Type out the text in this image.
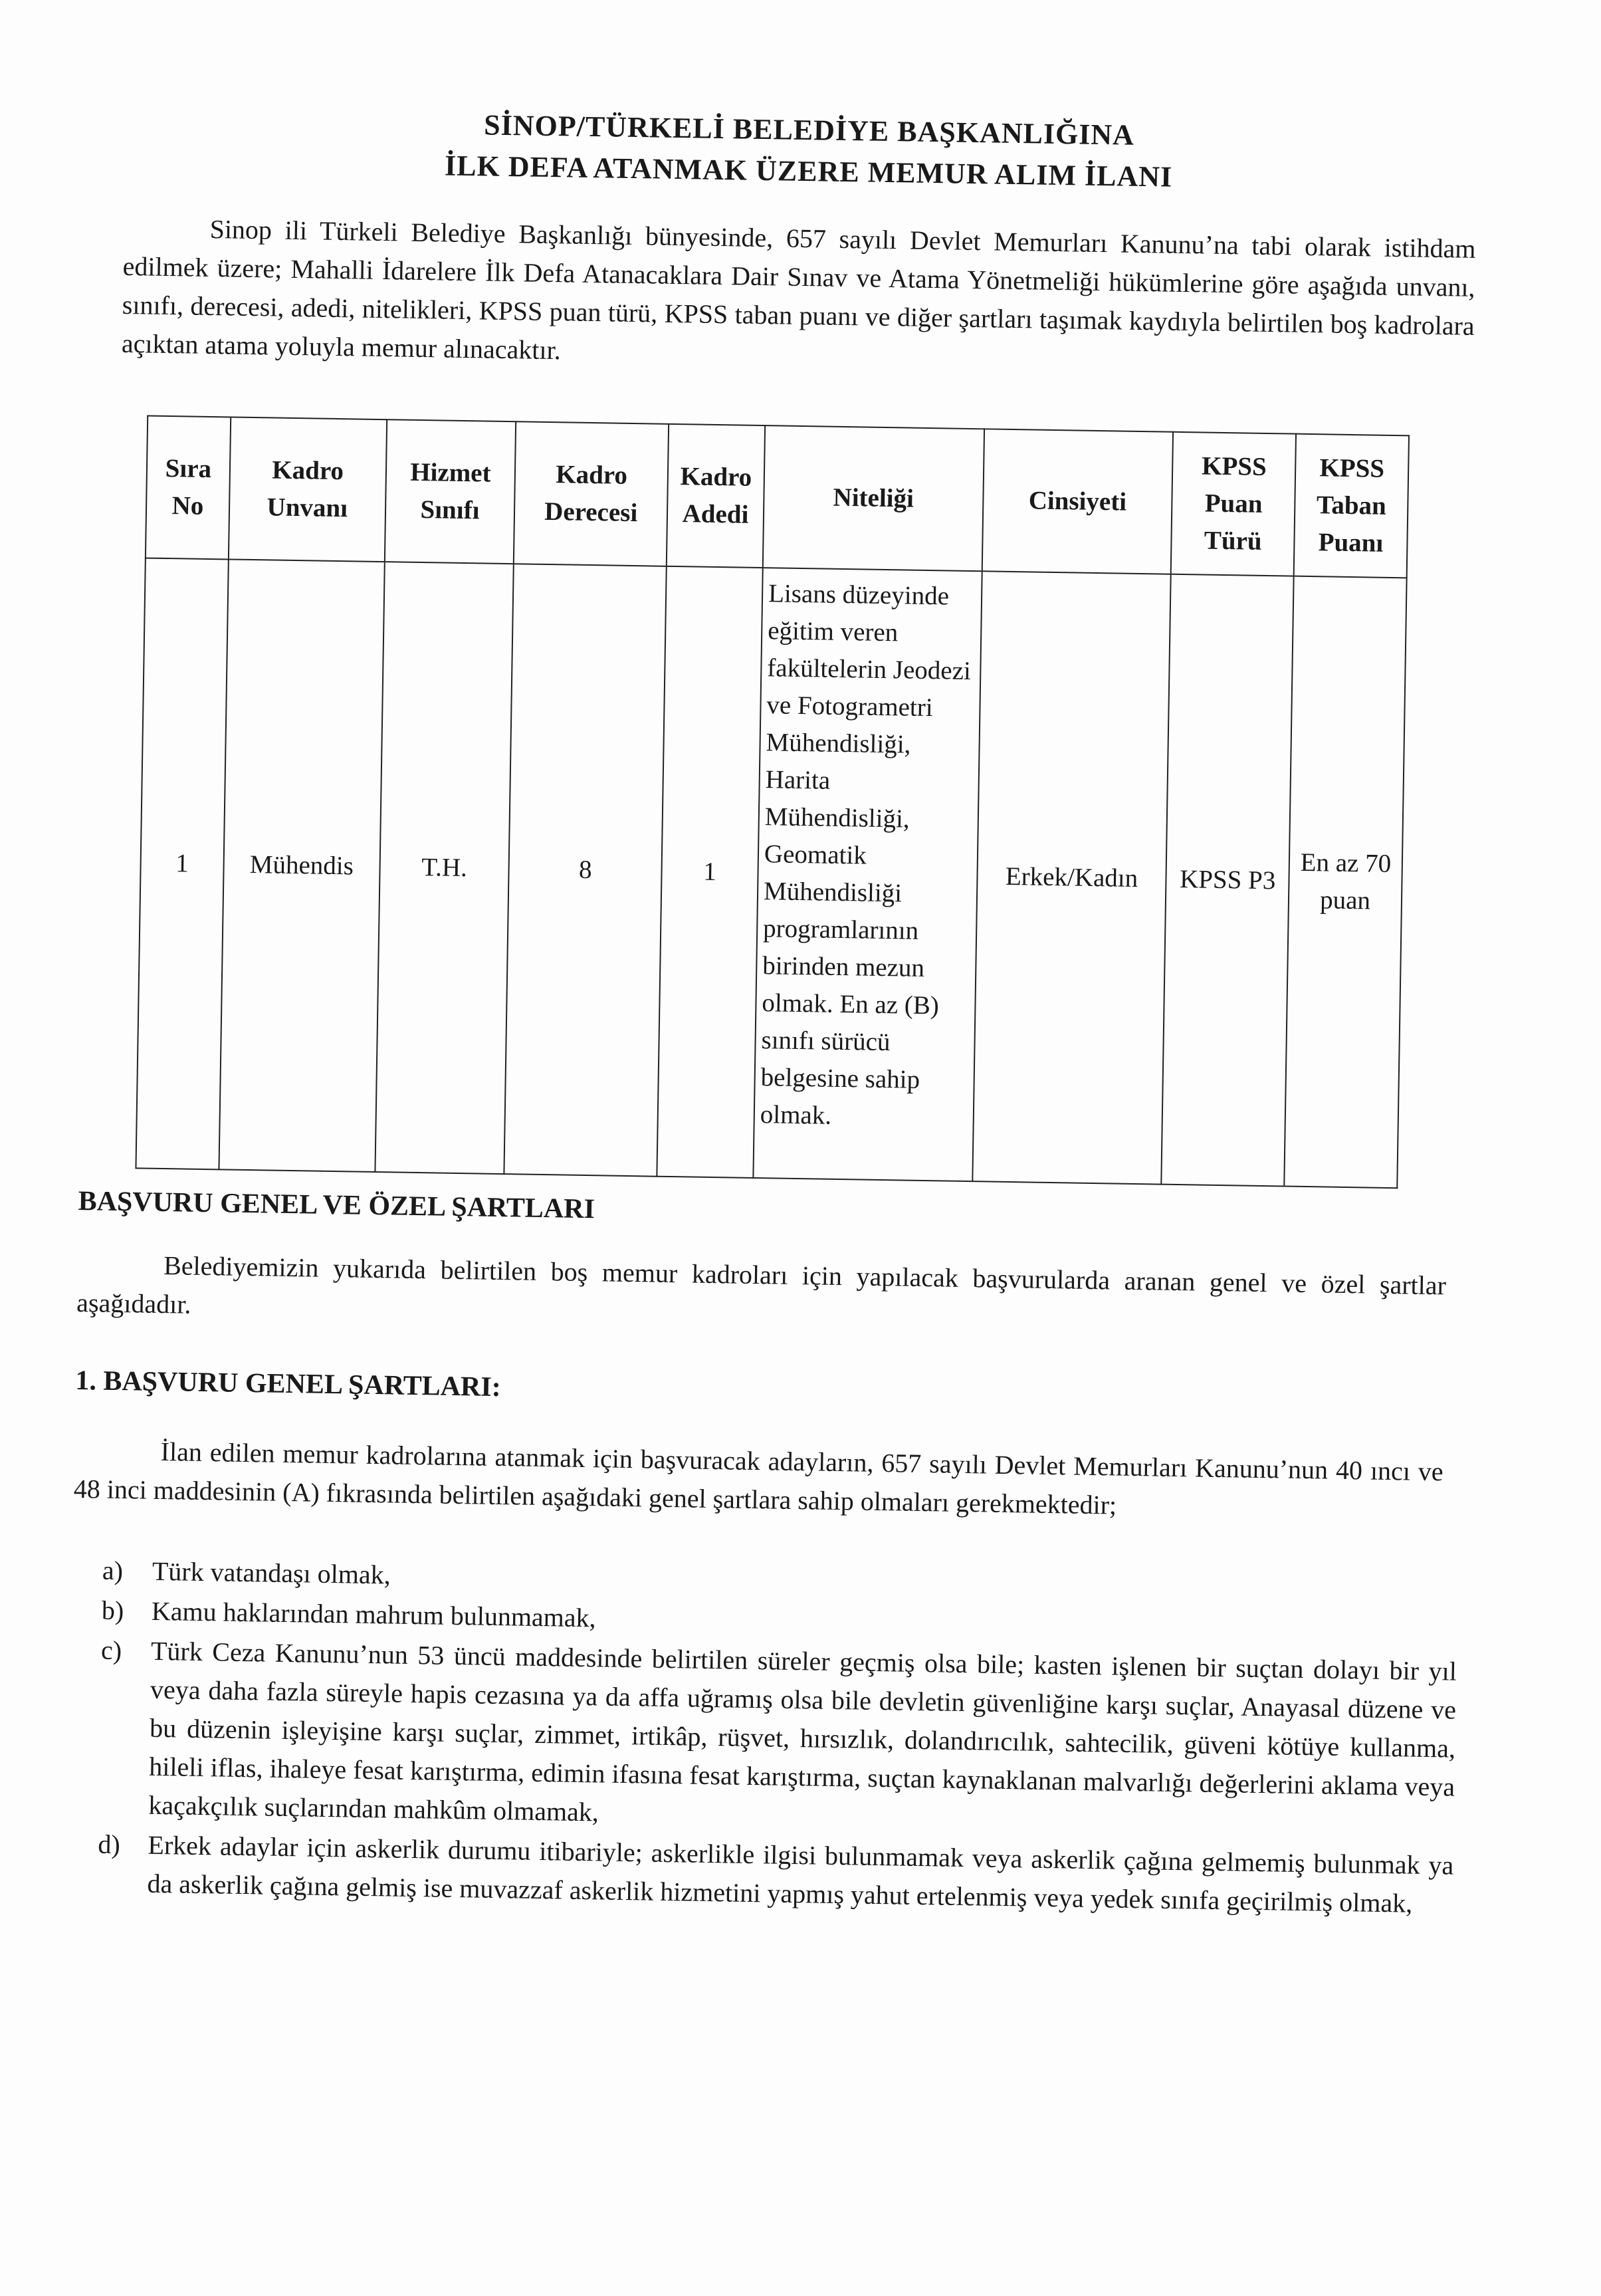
SİNOP/TÜRKELİ BELEDİYE BAŞKANLIĞINA
İLK DEFA ATANMAK ÜZERE MEMUR ALIM İLANI
Sinop ili Türkeli Belediye Başkanlığı bünyesinde, 657 sayılı Devlet Memurları Kanunu’na tabi olarak istihdam edilmek üzere; Mahalli İdarelere İlk Defa Atanacaklara Dair Sınav ve Atama Yönetmeliği hükümlerine göre aşağıda unvanı, sınıfı, derecesi, adedi, nitelikleri, KPSS puan türü, KPSS taban puanı ve diğer şartları taşımak kaydıyla belirtilen boş kadrolara açıktan atama yoluyla memur alınacaktır.
Sıra No	Kadro Unvanı	Hizmet Sınıfı	Kadro Derecesi	Kadro Adedi	Niteliği	Cinsiyeti	KPSS Puan Türü	KPSS Taban Puanı
1	Mühendis	T.H.	8	1	Lisans düzeyinde eğitim veren fakültelerin Jeodezi ve Fotogrametri Mühendisliği, Harita Mühendisliği, Geomatik Mühendisliği programlarının birinden mezun olmak. En az (B) sınıfı sürücü belgesine sahip olmak.	Erkek/Kadın	KPSS P3	En az 70 puan
BAŞVURU GENEL VE ÖZEL ŞARTLARI
Belediyemizin yukarıda belirtilen boş memur kadroları için yapılacak başvurularda aranan genel ve özel şartlar aşağıdadır.
1. BAŞVURU GENEL ŞARTLARI:
İlan edilen memur kadrolarına atanmak için başvuracak adayların, 657 sayılı Devlet Memurları Kanunu’nun 40 ıncı ve 48 inci maddesinin (A) fıkrasında belirtilen aşağıdaki genel şartlara sahip olmaları gerekmektedir;
a)	Türk vatandaşı olmak,
b)	Kamu haklarından mahrum bulunmamak,
c)	Türk Ceza Kanunu’nun 53 üncü maddesinde belirtilen süreler geçmiş olsa bile; kasten işlenen bir suçtan dolayı bir yıl veya daha fazla süreyle hapis cezasına ya da affa uğramış olsa bile devletin güvenliğine karşı suçlar, Anayasal düzene ve bu düzenin işleyişine karşı suçlar, zimmet, irtikâp, rüşvet, hırsızlık, dolandırıcılık, sahtecilik, güveni kötüye kullanma, hileli iflas, ihaleye fesat karıştırma, edimin ifasına fesat karıştırma, suçtan kaynaklanan malvarlığı değerlerini aklama veya kaçakçılık suçlarından mahkûm olmamak,
d)	Erkek adaylar için askerlik durumu itibariyle; askerlikle ilgisi bulunmamak veya askerlik çağına gelmemiş bulunmak ya da askerlik çağına gelmiş ise muvazzaf askerlik hizmetini yapmış yahut ertelenmiş veya yedek sınıfa geçirilmiş olmak,
